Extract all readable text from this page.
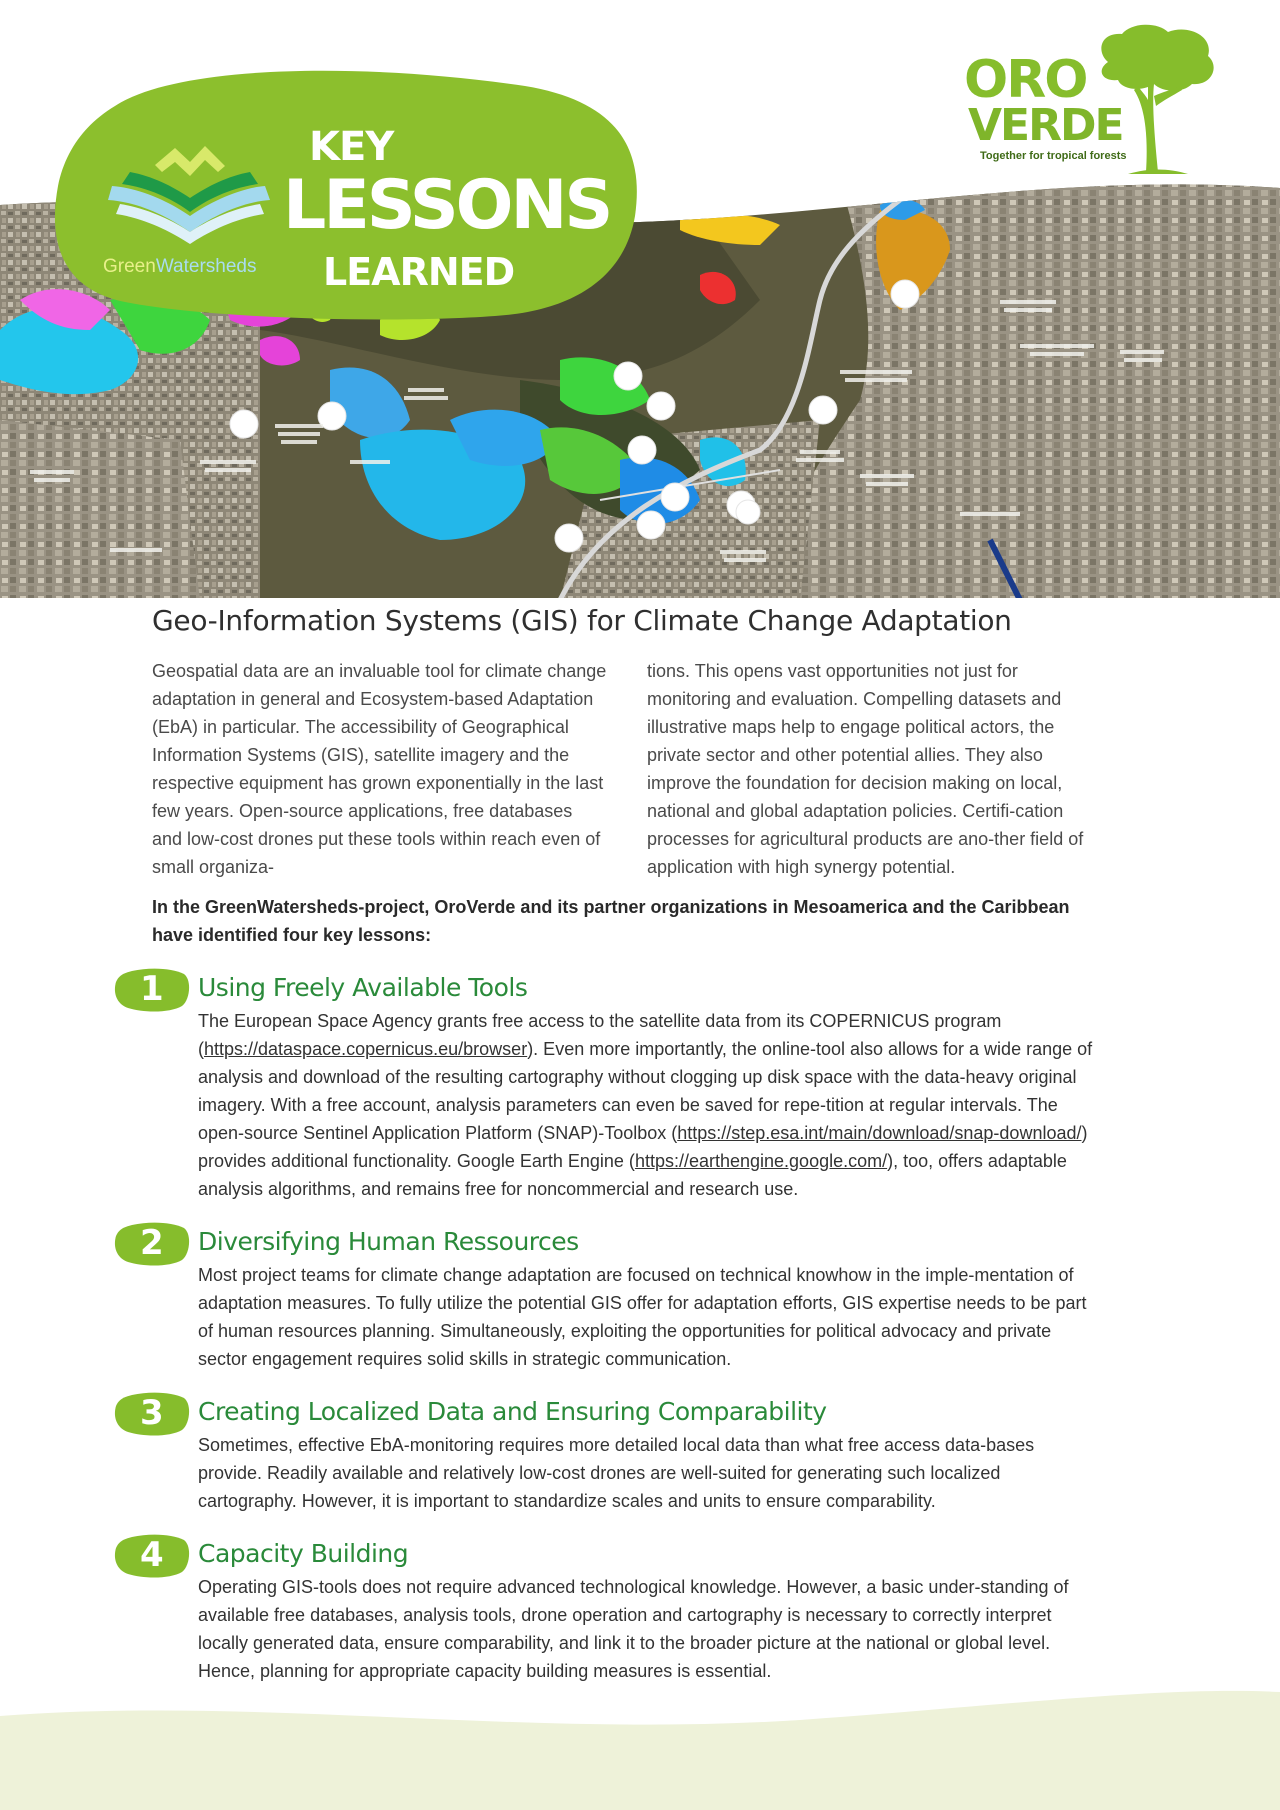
GreenWatersheds
KEY
LESSONS
LEARNED
ORO
VERDE
Together for tropical forests
Geo-Information Systems (GIS) for Climate Change Adaptation

Geospatial data are an invaluable tool for climate change adaptation in general and Ecosystem-based Adaptation (EbA) in particular. The accessibility of Geographical Information Systems (GIS), satellite imagery and the respective equipment has grown exponentially in the last few years. Open-source applications, free databases and low-cost drones put these tools within reach even of small organiza-

tions. This opens vast opportunities not just for monitoring and evaluation. Compelling datasets and illustrative maps help to engage political actors, the private sector and other potential allies. They also improve the foundation for decision making on local, national and global adaptation policies. Certifi-cation processes for agricultural products are ano-ther field of application with high synergy potential.

In the GreenWatersheds-project, OroVerde and its partner organizations in Mesoamerica and the Caribbean have identified four key lessons:

1 Using Freely Available Tools

The European Space Agency grants free access to the satellite data from its COPERNICUS program (https://dataspace.copernicus.eu/browser). Even more importantly, the online-tool also allows for a wide range of analysis and download of the resulting cartography without clogging up disk space with the data-heavy original imagery. With a free account, analysis parameters can even be saved for repe-tition at regular intervals. The open-source Sentinel Application Platform (SNAP)-Toolbox (https://step.esa.int/main/download/snap-download/) provides additional functionality. Google Earth Engine (https://earthengine.google.com/), too, offers adaptable analysis algorithms, and remains free for noncommercial and research use.

2 Diversifying Human Ressources

Most project teams for climate change adaptation are focused on technical knowhow in the imple-mentation of adaptation measures. To fully utilize the potential GIS offer for adaptation efforts, GIS expertise needs to be part of human resources planning. Simultaneously, exploiting the opportunities for political advocacy and private sector engagement requires solid skills in strategic communication.

3 Creating Localized Data and Ensuring Comparability

Sometimes, effective EbA-monitoring requires more detailed local data than what free access data-bases provide. Readily available and relatively low-cost drones are well-suited for generating such localized cartography. However, it is important to standardize scales and units to ensure comparability.

4 Capacity Building

Operating GIS-tools does not require advanced technological knowledge. However, a basic under-standing of available free databases, analysis tools, drone operation and cartography is necessary to correctly interpret locally generated data, ensure comparability, and link it to the broader picture at the national or global level. Hence, planning for appropriate capacity building measures is essential.
